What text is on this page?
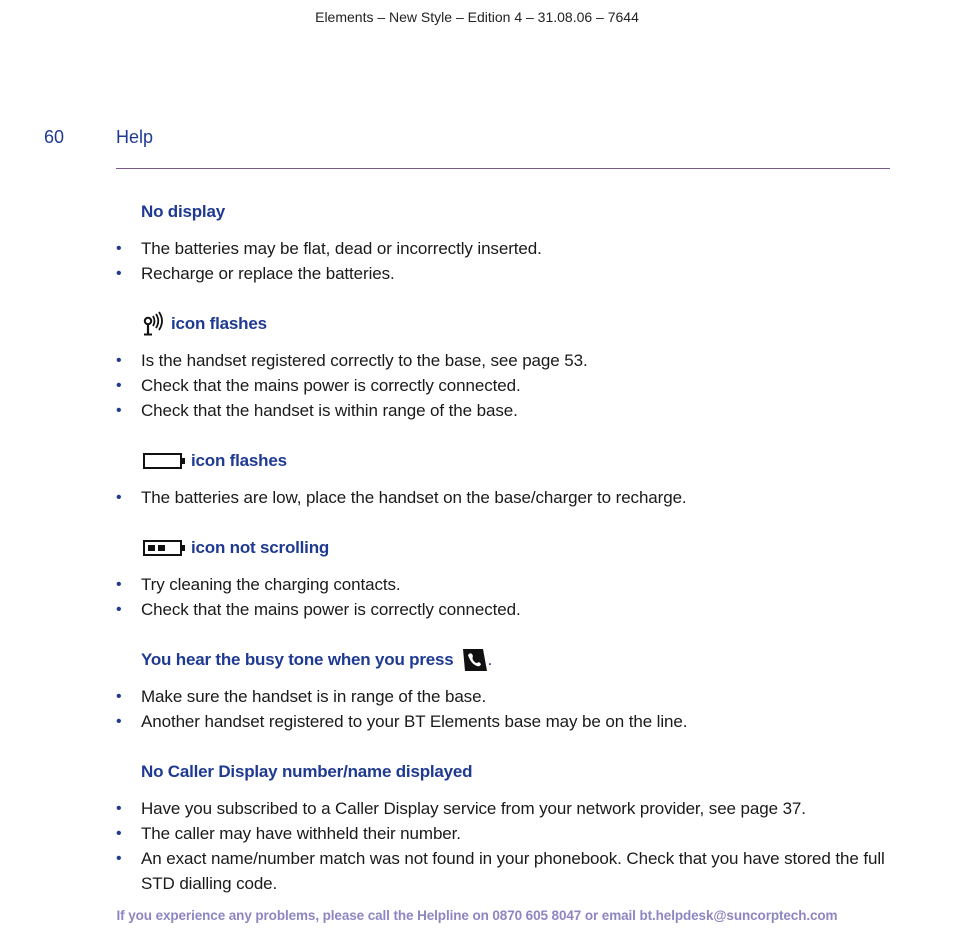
Elements – New Style – Edition 4 – 31.08.06 – 7644
60	Help
No display
• The batteries may be flat, dead or incorrectly inserted.
• Recharge or replace the batteries.
icon flashes
• Is the handset registered correctly to the base, see page 53.
• Check that the mains power is correctly connected.
• Check that the handset is within range of the base.
icon flashes
• The batteries are low, place the handset on the base/charger to recharge.
icon not scrolling
• Try cleaning the charging contacts.
• Check that the mains power is correctly connected.
You hear the busy tone when you press .
• Make sure the handset is in range of the base.
• Another handset registered to your BT Elements base may be on the line.
No Caller Display number/name displayed
• Have you subscribed to a Caller Display service from your network provider, see page 37.
• The caller may have withheld their number.
• An exact name/number match was not found in your phonebook. Check that you have stored the full STD dialling code.
If you experience any problems, please call the Helpline on 0870 605 8047 or email bt.helpdesk@suncorptech.com
